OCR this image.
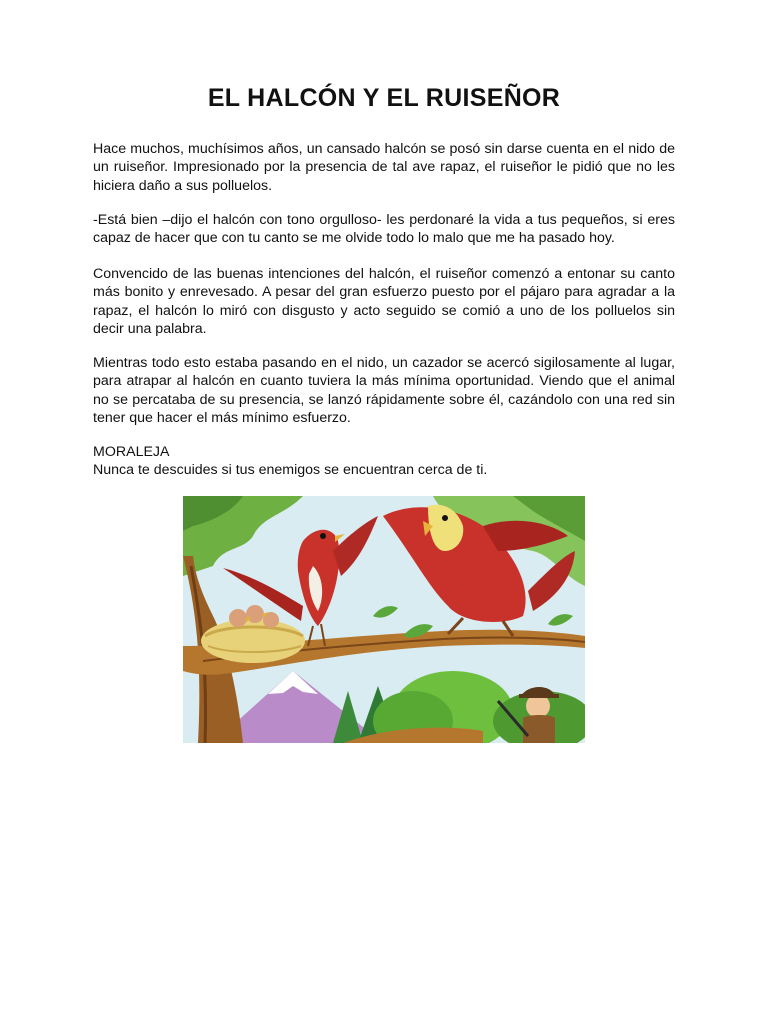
EL HALCÓN Y EL RUISEÑOR

Hace muchos, muchísimos años, un cansado halcón se posó sin darse cuenta en el nido de un ruiseñor. Impresionado por la presencia de tal ave rapaz, el ruiseñor le pidió que no les hiciera daño a sus polluelos.

-Está bien –dijo el halcón con tono orgulloso- les perdonaré la vida a tus pequeños, si eres capaz de hacer que con tu canto se me olvide todo lo malo que me ha pasado hoy.

Convencido de las buenas intenciones del halcón, el ruiseñor comenzó a entonar su canto más bonito y enrevesado. A pesar del gran esfuerzo puesto por el pájaro para agradar a la rapaz, el halcón lo miró con disgusto y acto seguido se comió a uno de los polluelos sin decir una palabra.

Mientras todo esto estaba pasando en el nido, un cazador se acercó sigilosamente al lugar, para atrapar al halcón en cuanto tuviera la más mínima oportunidad. Viendo que el animal no se percataba de su presencia, se lanzó rápidamente sobre él, cazándolo con una red sin tener que hacer el más mínimo esfuerzo.

MORALEJA

Nunca te descuides si tus enemigos se encuentran cerca de ti.
